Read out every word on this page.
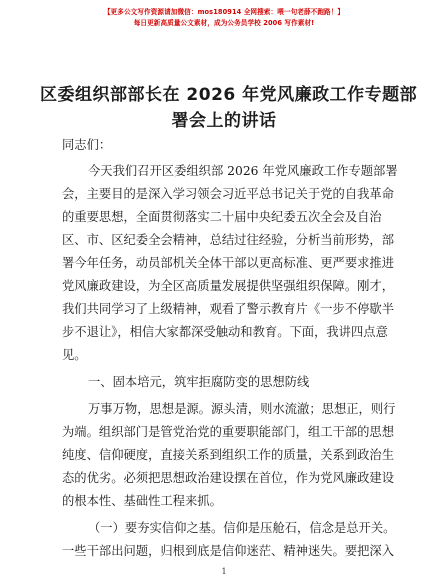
【更多公文写作资源请加微信：mos180914 全网搜索：喂一句老薛不跑路！】
每日更新高质量公文素材，成为公务员学校 2006 写作素材!
区委组织部部长在 2026 年党风廉政工作专题部
署会上的讲话
同志们：
今天我们召开区委组织部 2026 年党风廉政工作专题部署
会，主要目的是深入学习领会习近平总书记关于党的自我革命
的重要思想，全面贯彻落实二十届中央纪委五次全会及自治
区、市、区纪委全会精神，总结过往经验，分析当前形势，部
署今年任务，动员部机关全体干部以更高标准、更严要求推进
党风廉政建设，为全区高质量发展提供坚强组织保障。刚才，
我们共同学习了上级精神，观看了警示教育片《一步不停歇半
步不退让》，相信大家都深受触动和教育。下面，我讲四点意
见。
一、固本培元，筑牢拒腐防变的思想防线
万事万物，思想是源。源头清，则水流澈；思想正，则行
为端。组织部门是管党治党的重要职能部门，组工干部的思想
纯度、信仰硬度，直接关系到组织工作的质量，关系到政治生
态的优劣。必须把思想政治建设摆在首位，作为党风廉政建设
的根本性、基础性工程来抓。
1
（一）要夯实信仰之基。信仰是压舱石，信念是总开关。
一些干部出问题，归根到底是信仰迷茫、精神迷失。要把深入
